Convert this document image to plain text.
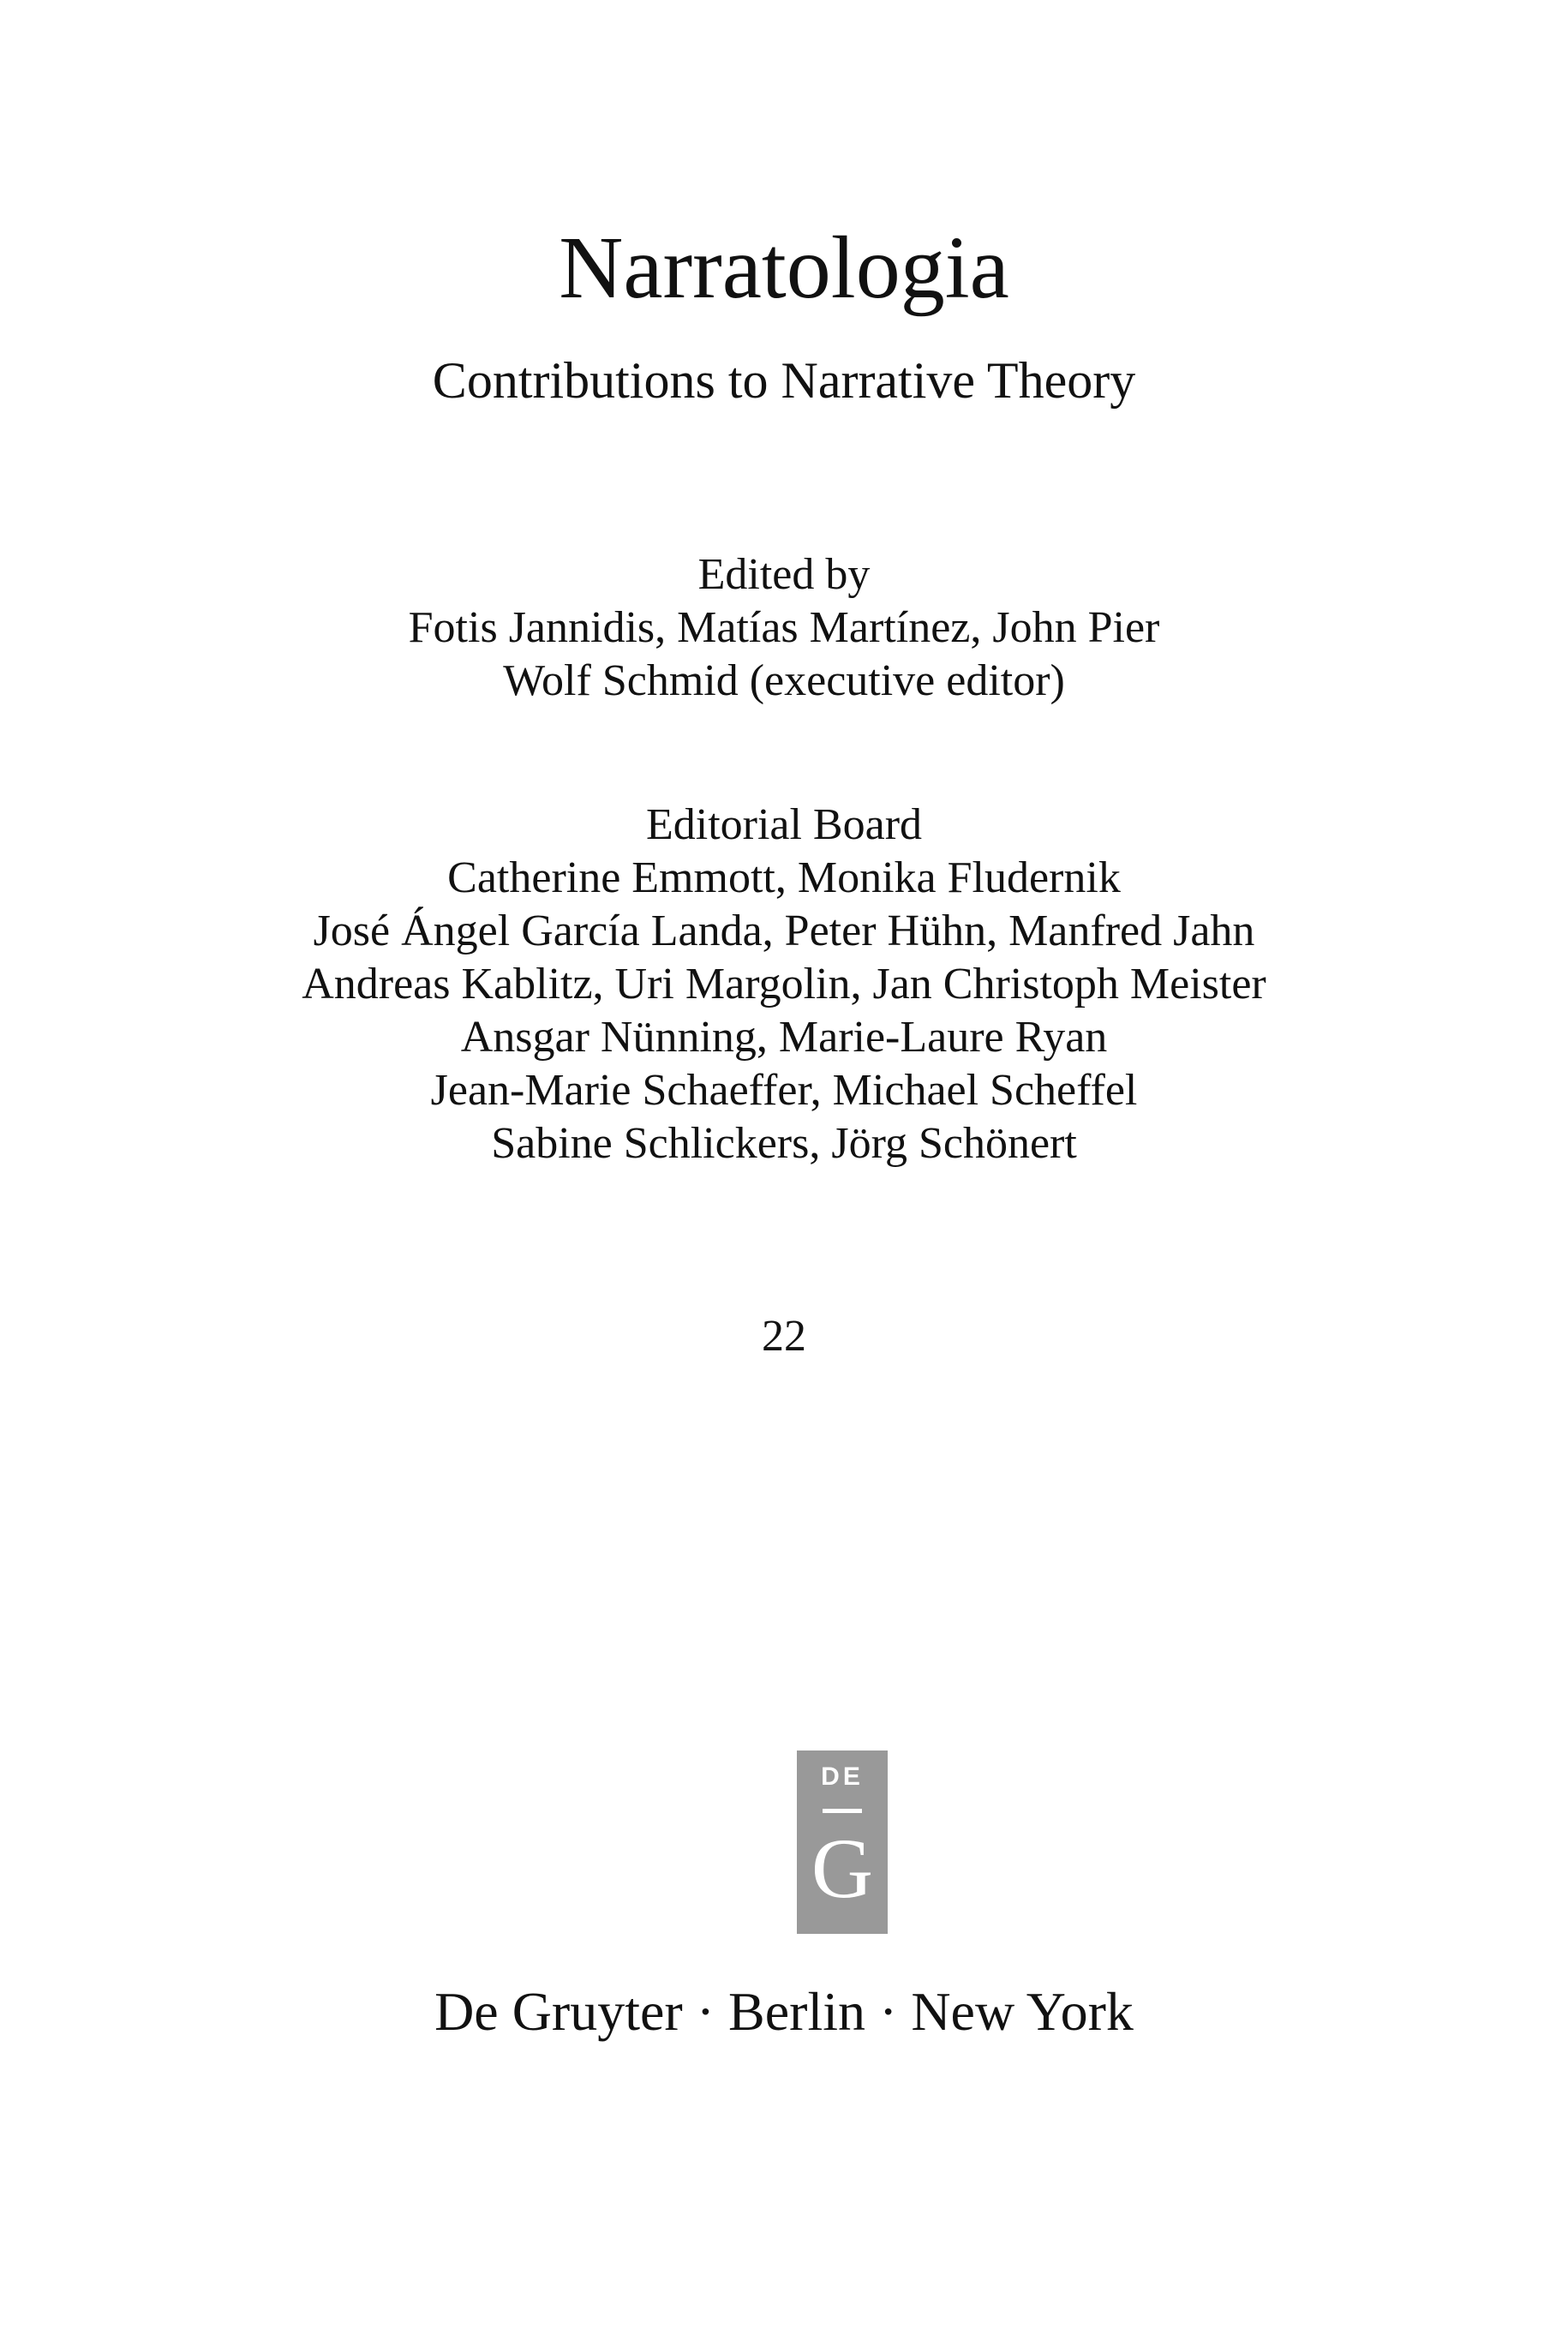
Narratologia
Contributions to Narrative Theory
Edited by
Fotis Jannidis, Matías Martínez, John Pier
Wolf Schmid (executive editor)
Editorial Board
Catherine Emmott, Monika Fludernik
José Ángel García Landa, Peter Hühn, Manfred Jahn
Andreas Kablitz, Uri Margolin, Jan Christoph Meister
Ansgar Nünning, Marie-Laure Ryan
Jean-Marie Schaeffer, Michael Scheffel
Sabine Schlickers, Jörg Schönert
22
DE
G
De Gruyter · Berlin · New York
